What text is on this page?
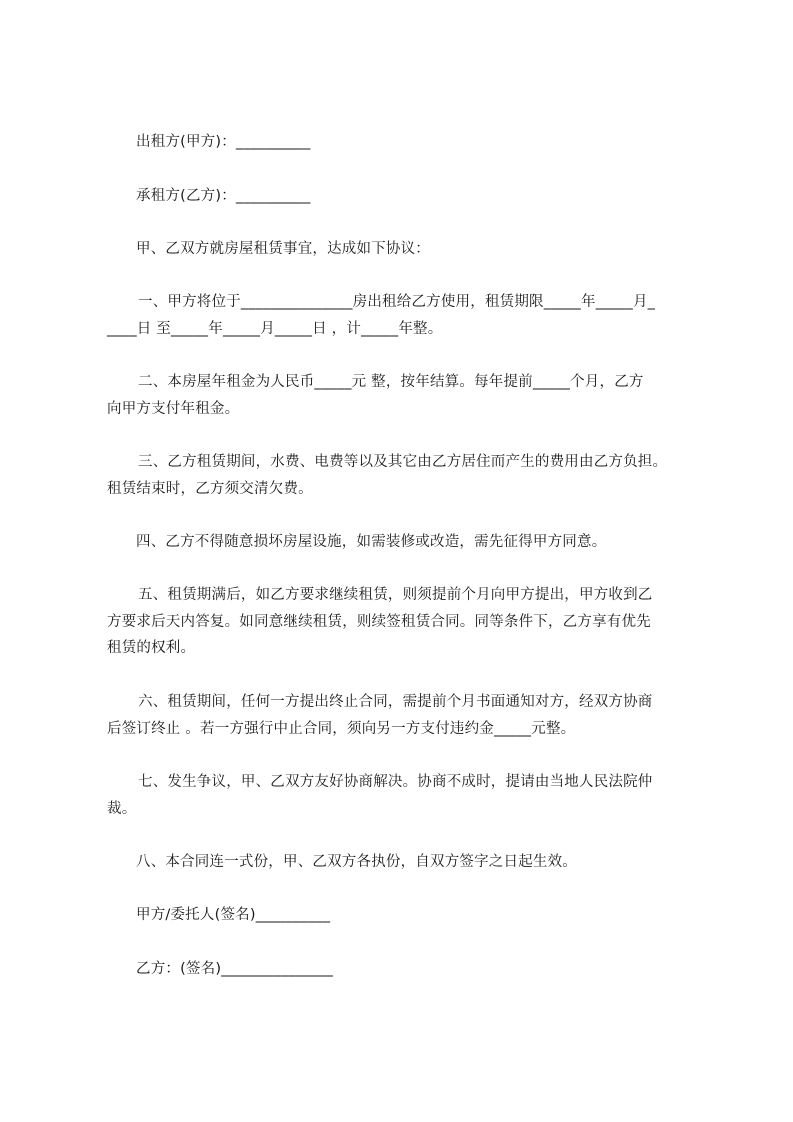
出租方(甲方)：__________
承租方(乙方)：__________
甲、乙双方就房屋租赁事宜，达成如下协议：
一、甲方将位于_______________房出租给乙方使用，租赁期限_____年_____月_
____日 至_____年_____月_____日 ，计_____年整。
二、本房屋年租金为人民币_____元 整，按年结算。每年提前_____个月，乙方
向甲方支付年租金。
三、乙方租赁期间，水费、电费等以及其它由乙方居住而产生的费用由乙方负担。
租赁结束时，乙方须交清欠费。
四、乙方不得随意损坏房屋设施，如需装修或改造，需先征得甲方同意。
五、租赁期满后，如乙方要求继续租赁，则须提前个月向甲方提出，甲方收到乙
方要求后天内答复。如同意继续租赁，则续签租赁合同。同等条件下，乙方享有优先
租赁的权利。
六、租赁期间，任何一方提出终止合同，需提前个月书面通知对方，经双方协商
后签订终止 。若一方强行中止合同，须向另一方支付违约金_____元整。
七、发生争议，甲、乙双方友好协商解决。协商不成时，提请由当地人民法院仲
裁。
八、本合同连一式份，甲、乙双方各执份，自双方签字之日起生效。
甲方/委托人(签名)__________
乙方：(签名)_______________
